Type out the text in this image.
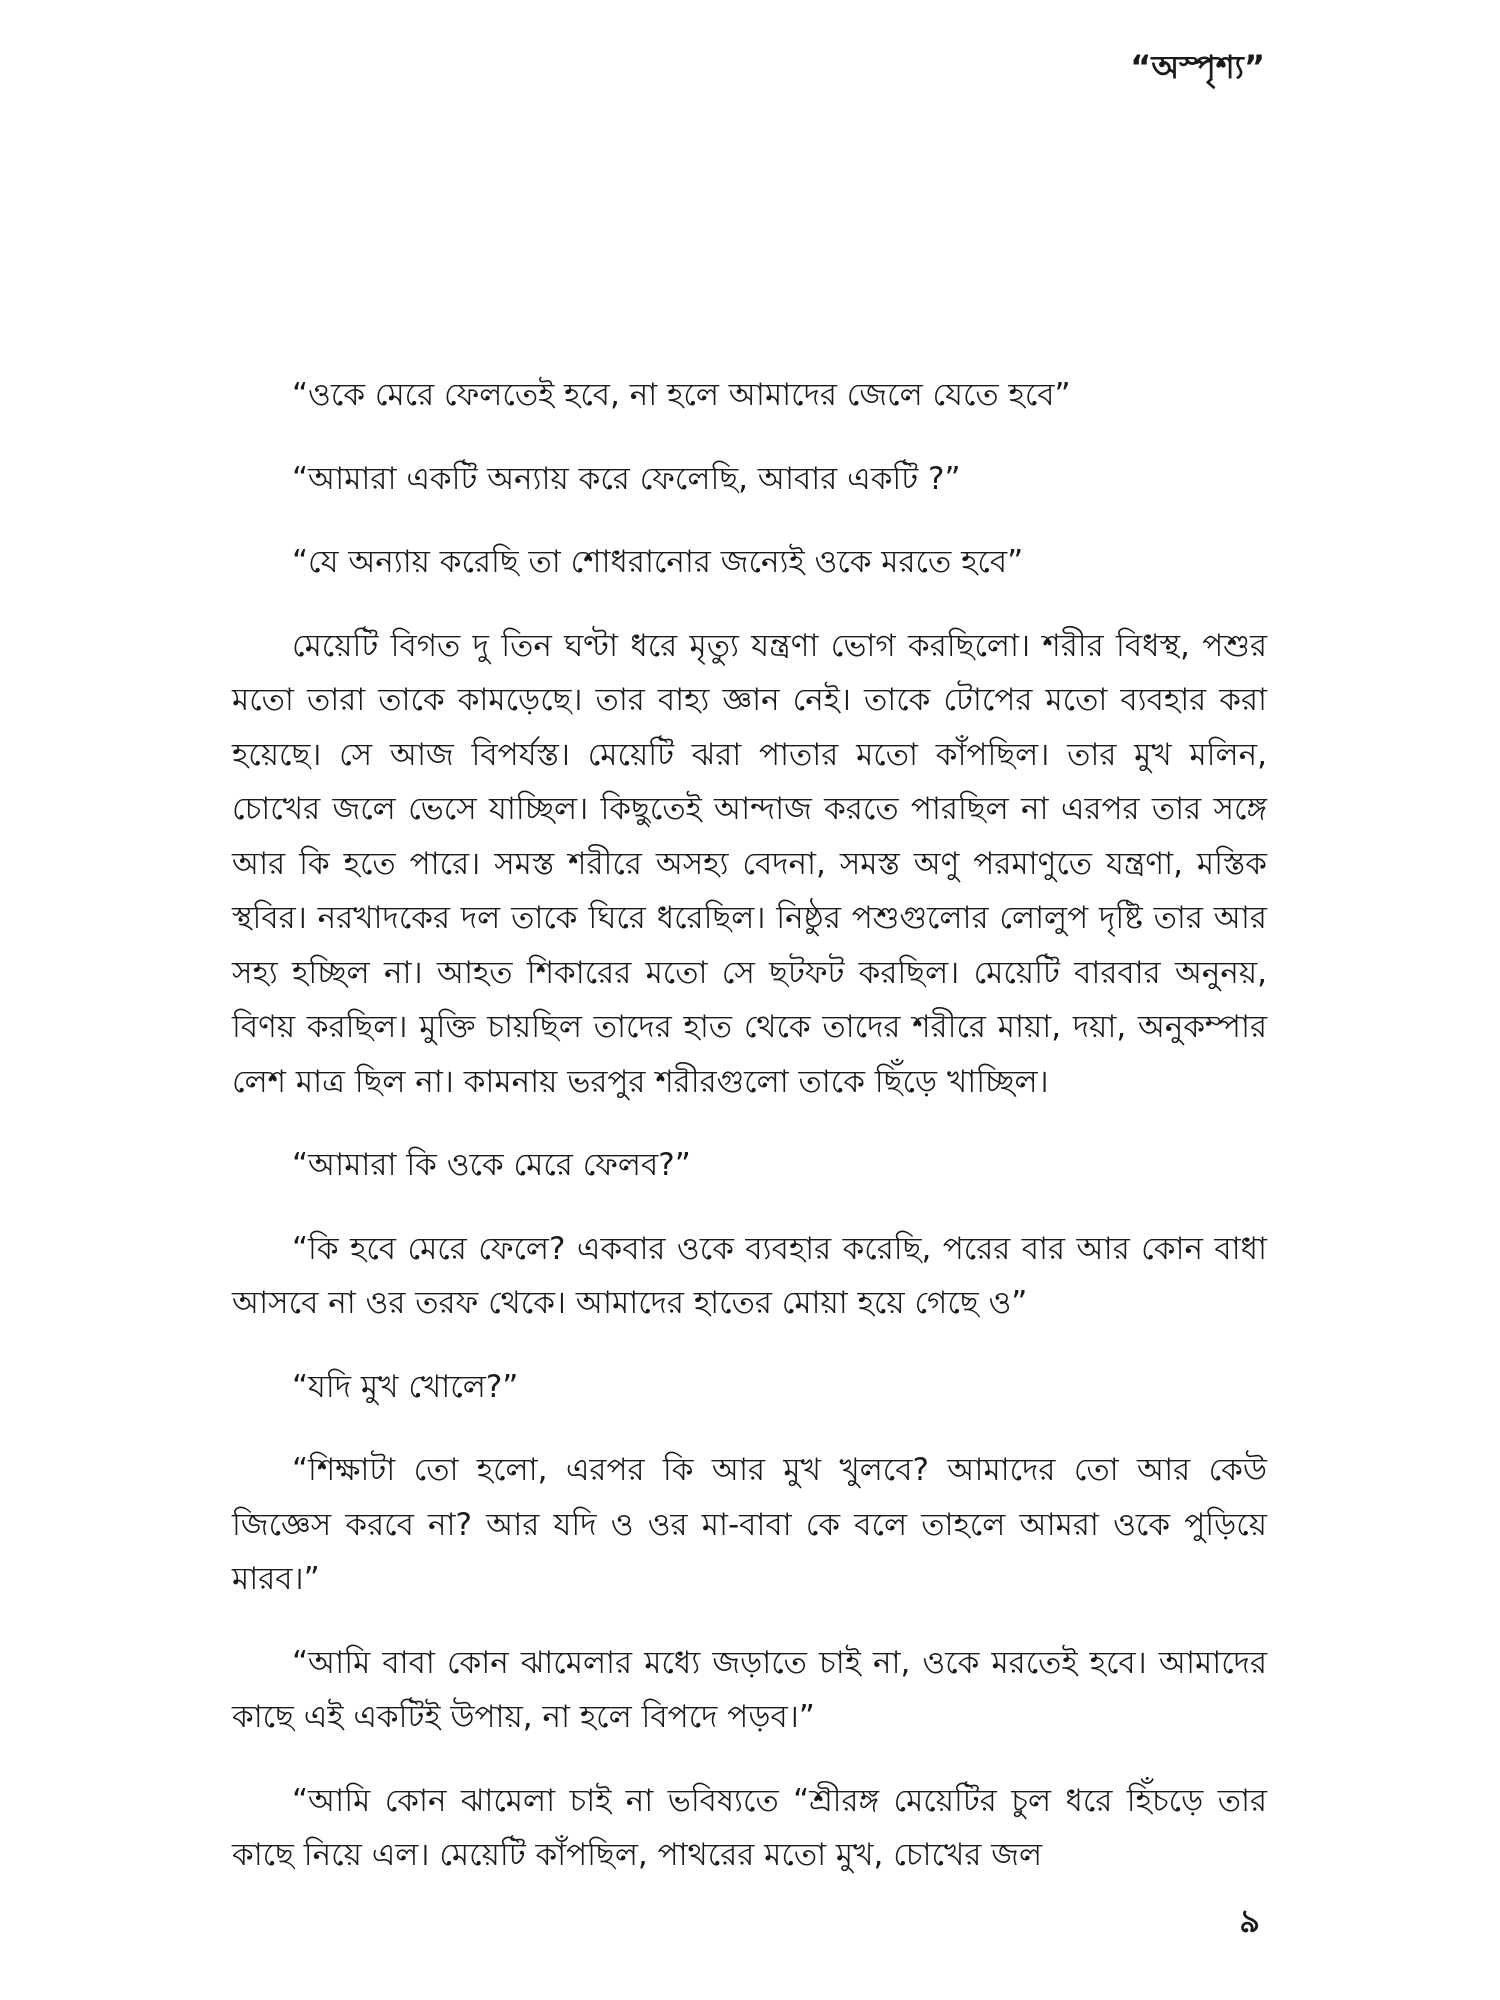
“অস্পৃশ্য”

“ওকে মেরে ফেলতেই হবে, না হলে আমাদের জেলে যেতে হবে”

“আমারা একটি অন্যায় করে ফেলেছি, আবার একটি ?”

“যে অন্যায় করেছি তা শোধরানোর জন্যেই ওকে মরতে হবে”

মেয়েটি বিগত দু তিন ঘণ্টা ধরে মৃত্যু যন্ত্রণা ভোগ করছিলো। শরীর বিধস্থ, পশুর মতো তারা তাকে কামড়েছে। তার বাহ্য জ্ঞান নেই। তাকে টোপের মতো ব্যবহার করা হয়েছে। সে আজ বিপর্যস্ত। মেয়েটি ঝরা পাতার মতো কাঁপছিল। তার মুখ মলিন, চোখের জলে ভেসে যাচ্ছিল। কিছুতেই আন্দাজ করতে পারছিল না এরপর তার সঙ্গে আর কি হতে পারে। সমস্ত শরীরে অসহ্য বেদনা, সমস্ত অণু পরমাণুতে যন্ত্রণা, মস্তিক স্থবির। নরখাদকের দল তাকে ঘিরে ধরেছিল। নিষ্ঠুর পশুগুলোর লোলুপ দৃষ্টি তার আর সহ্য হচ্ছিল না। আহত শিকারের মতো সে ছটফট করছিল। মেয়েটি বারবার অনুনয়, বিণয় করছিল। মুক্তি চায়ছিল তাদের হাত থেকে তাদের শরীরে মায়া, দয়া, অনুকম্পার লেশ মাত্র ছিল না। কামনায় ভরপুর শরীরগুলো তাকে ছিঁড়ে খাচ্ছিল।

“আমারা কি ওকে মেরে ফেলব?”

“কি হবে মেরে ফেলে? একবার ওকে ব্যবহার করেছি, পরের বার আর কোন বাধা আসবে না ওর তরফ থেকে। আমাদের হাতের মোয়া হয়ে গেছে ও”

“যদি মুখ খোলে?”

“শিক্ষাটা তো হলো, এরপর কি আর মুখ খুলবে? আমাদের তো আর কেউ জিজ্ঞেস করবে না? আর যদি ও ওর মা-বাবা কে বলে তাহলে আমরা ওকে পুড়িয়ে মারব।”

“আমি বাবা কোন ঝামেলার মধ্যে জড়াতে চাই না, ওকে মরতেই হবে। আমাদের কাছে এই একটিই উপায়, না হলে বিপদে পড়ব।”

“আমি কোন ঝামেলা চাই না ভবিষ্যতে “শ্রীরঙ্গ মেয়েটির চুল ধরে হিঁচড়ে তার কাছে নিয়ে এল। মেয়েটি কাঁপছিল, পাথরের মতো মুখ, চোখের জল

৯
